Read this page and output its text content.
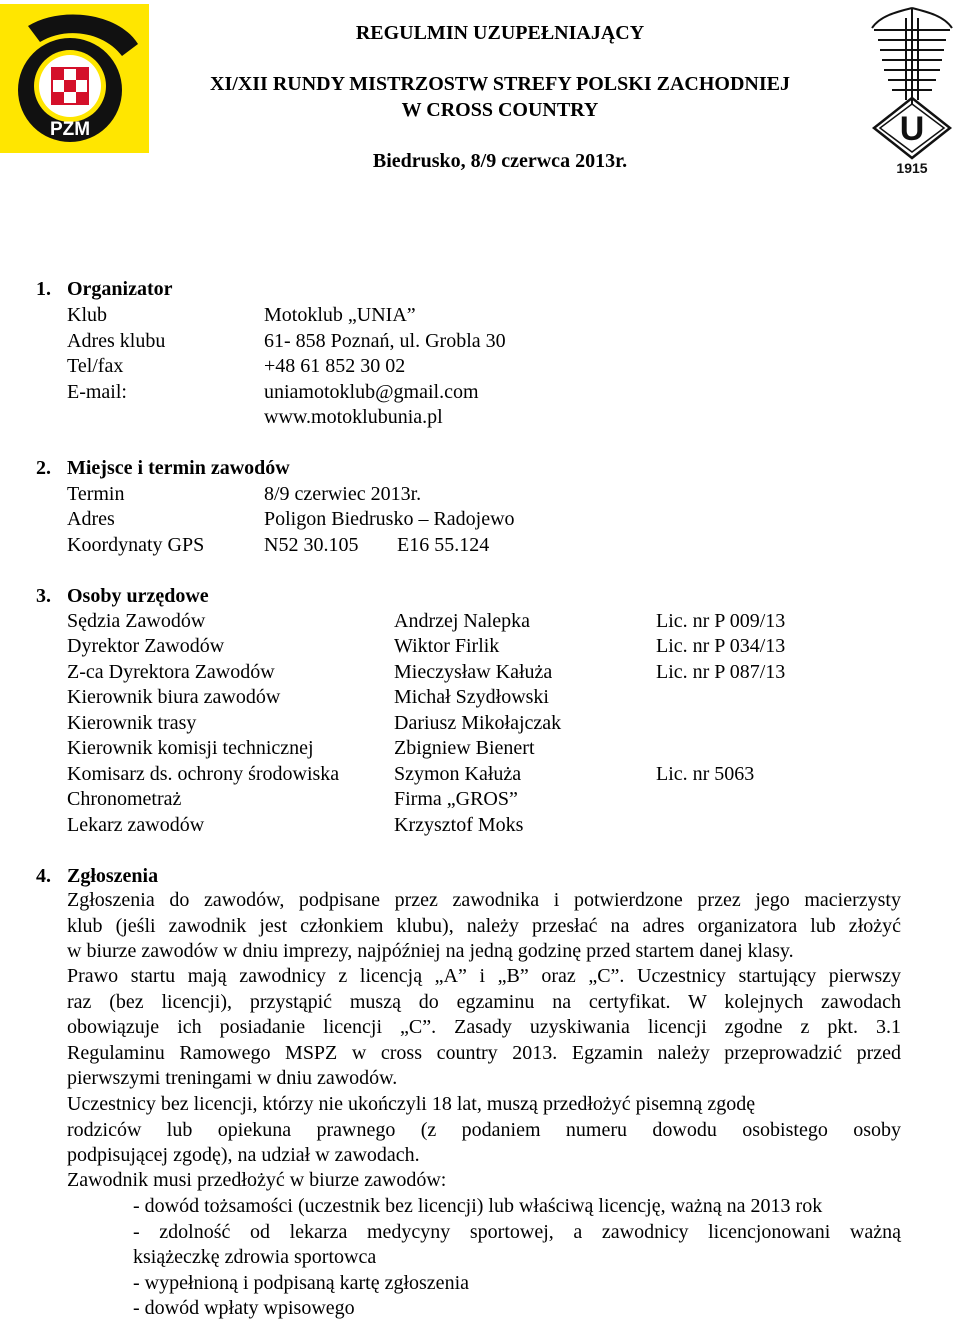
PZM	U
1915
REGULMIN UZUPEŁNIAJĄCY
XI/XII RUNDY MISTRZOSTW STREFY POLSKI ZACHODNIEJ
W CROSS COUNTRY
Biedrusko, 8/9 czerwca 2013r.
1. Organizator
Klub	Motoklub „UNIA”
Adres klubu	61- 858 Poznań, ul. Grobla 30
Tel/fax	+48 61 852 30 02
E-mail:	uniamotoklub@gmail.com
www.motoklubunia.pl
2. Miejsce i termin zawodów
Termin	8/9 czerwiec 2013r.
Adres	Poligon Biedrusko – Radojewo
Koordynaty GPS	N52 30.105 E16 55.124
3. Osoby urzędowe
Sędzia Zawodów	Andrzej Nalepka	Lic. nr P 009/13
Dyrektor Zawodów	Wiktor Firlik	Lic. nr P 034/13
Z-ca Dyrektora Zawodów	Mieczysław Kałuża	Lic. nr P 087/13
Kierownik biura zawodów	Michał Szydłowski
Kierownik trasy	Dariusz Mikołajczak
Kierownik komisji technicznej	Zbigniew Bienert
Komisarz ds. ochrony środowiska	Szymon Kałuża	Lic. nr 5063
Chronometraż	Firma „GROS”
Lekarz zawodów	Krzysztof Moks
4. Zgłoszenia

Zgłoszenia do zawodów, podpisane przez zawodnika i potwierdzone przez jego macierzysty
klub (jeśli zawodnik jest członkiem klubu), należy przesłać na adres organizatora lub złożyć
w biurze zawodów w dniu imprezy, najpóźniej na jedną godzinę przed startem danej klasy.

Prawo startu mają zawodnicy z licencją „A” i „B” oraz „C”. Uczestnicy startujący pierwszy
raz (bez licencji), przystąpić muszą do egzaminu na certyfikat. W kolejnych zawodach
obowiązuje ich posiadanie licencji „C”. Zasady uzyskiwania licencji zgodne z pkt. 3.1
Regulaminu Ramowego MSPZ w cross country 2013. Egzamin należy przeprowadzić przed
pierwszymi treningami w dniu zawodów.

Uczestnicy bez licencji, którzy nie ukończyli 18 lat, muszą przedłożyć pisemną zgodę
rodziców lub opiekuna prawnego (z podaniem numeru dowodu osobistego osoby
podpisującej zgodę), na udział w zawodach.

Zawodnik musi przedłożyć w biurze zawodów:

- dowód tożsamości (uczestnik bez licencji) lub właściwą licencję, ważną na 2013 rok
- zdolność od lekarza medycyny sportowej, a zawodnicy licencjonowani ważną
książeczkę zdrowia sportowca
- wypełnioną i podpisaną kartę zgłoszenia
- dowód wpłaty wpisowego
